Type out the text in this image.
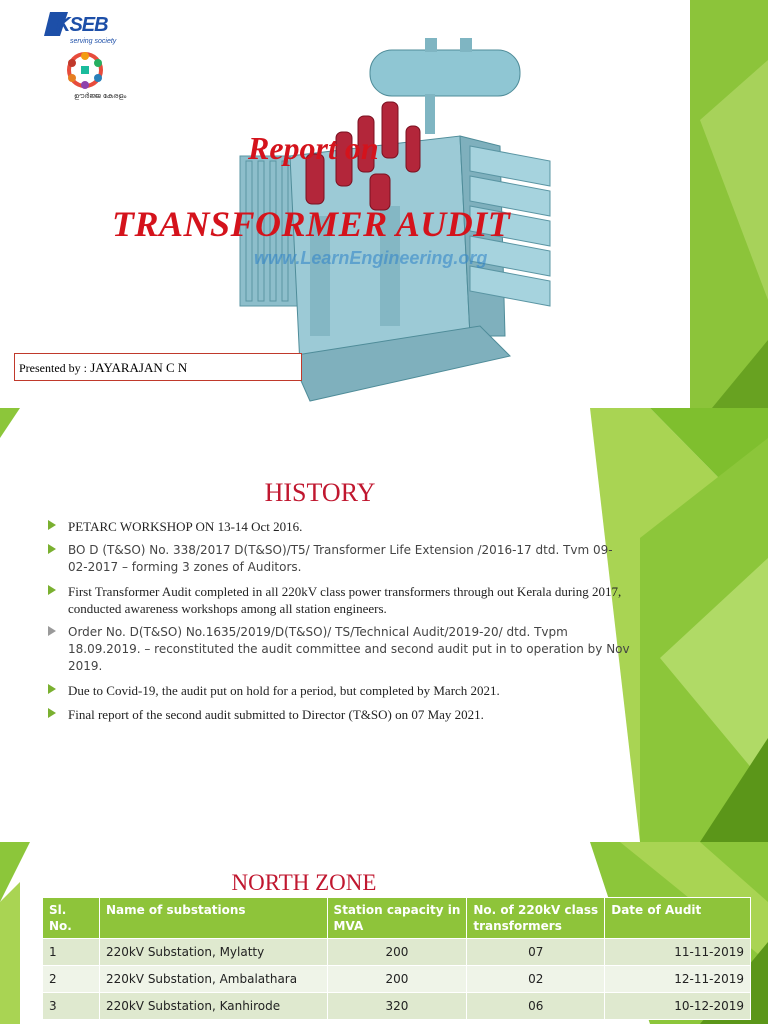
KSEB
serving society
ഊർജ്ജ കേരളം
Report on
TRANSFORMER AUDIT
www.LearnEngineering.org
Presented by : JAYARAJAN C N
HISTORY
PETARC WORKSHOP ON 13-14 Oct 2016.
BO D (T&SO) No. 338/2017 D(T&SO)/T5/ Transformer Life Extension /2016-17 dtd. Tvm 09-02-2017 – forming 3 zones of Auditors.
First Transformer Audit completed in all 220kV class power transformers through out Kerala during 2017, conducted awareness workshops among all station engineers.
Order No. D(T&SO) No.1635/2019/D(T&SO)/ TS/Technical Audit/2019-20/ dtd. Tvpm 18.09.2019. – reconstituted the audit committee and second audit put in to operation by Nov 2019.
Due to Covid-19, the audit put on hold for a period, but completed by March 2021.
Final report of the second audit submitted to Director (T&SO) on 07 May 2021.
NORTH ZONE
Sl. No.	Name of substations	Station capacity in MVA	No. of 220kV class transformers	Date of Audit
1	220kV Substation, Mylatty	200	07	11-11-2019
2	220kV Substation, Ambalathara	200	02	12-11-2019
3	220kV Substation, Kanhirode	320	06	10-12-2019
